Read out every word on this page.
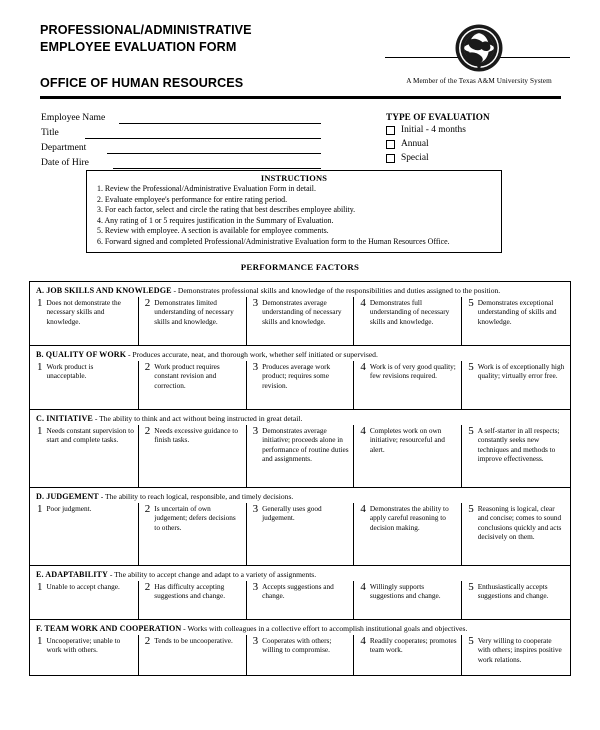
PROFESSIONAL/ADMINISTRATIVE
EMPLOYEE EVALUATION FORM
OFFICE OF HUMAN RESOURCES	A Member of the Texas A&M University System
Employee Name
Title
Department
Date of Hire
TYPE OF EVALUATION
Initial - 4 months
Annual
Special
INSTRUCTIONS
1. Review the Professional/Administrative Evaluation Form in detail.
2. Evaluate employee's performance for entire rating period.
3. For each factor, select and circle the rating that best describes employee ability.
4. Any rating of 1 or 5 requires justification in the Summary of Evaluation.
5. Review with employee. A section is available for employee comments.
6. Forward signed and completed Professional/Administrative Evaluation form to the Human Resources Office.
PERFORMANCE FACTORS
A. JOB SKILLS AND KNOWLEDGE - Demonstrates professional skills and knowledge of the responsibilities and duties assigned to the position.
1 Does not demonstrate the necessary skills and knowledge.
2 Demonstrates limited understanding of necessary skills and knowledge.
3 Demonstrates average understanding of necessary skills and knowledge.
4 Demonstrates full understanding of necessary skills and knowledge.
5 Demonstrates exceptional understanding of skills and knowledge.
B. QUALITY OF WORK - Produces accurate, neat, and thorough work, whether self initiated or supervised.
1 Work product is unacceptable.
2 Work product requires constant revision and correction.
3 Produces average work product; requires some revision.
4 Work is of very good quality; few revisions required.
5 Work is of exceptionally high quality; virtually error free.
C. INITIATIVE - The ability to think and act without being instructed in great detail.
1 Needs constant supervision to start and complete tasks.
2 Needs excessive guidance to finish tasks.
3 Demonstrates average initiative; proceeds alone in performance of routine duties and assignments.
4 Completes work on own initiative; resourceful and alert.
5 A self-starter in all respects; constantly seeks new techniques and methods to improve effectiveness.
D. JUDGEMENT - The ability to reach logical, responsible, and timely decisions.
1 Poor judgment.	2 Is uncertain of own judgement; defers decisions to others.
3 Generally uses good judgement.
4 Demonstrates the ability to apply careful reasoning to decision making.
5 Reasoning is logical, clear and concise; comes to sound conclusions quickly and acts decisively on them.
E. ADAPTABILITY - The ability to accept change and adapt to a variety of assignments.
1 Unable to accept change.	2 Has difficulty accepting suggestions and change.
3 Accepts suggestions and change.
4 Willingly supports suggestions and change.
5 Enthusiastically accepts suggestions and change.
F. TEAM WORK AND COOPERATION - Works with colleagues in a collective effort to accomplish institutional goals and objectives.
1 Uncooperative; unable to work with others.
2 Tends to be uncooperative.	3 Cooperates with others; willing to compromise.
4 Readily cooperates; promotes team work.
5 Very willing to cooperate with others; inspires positive work relations.
